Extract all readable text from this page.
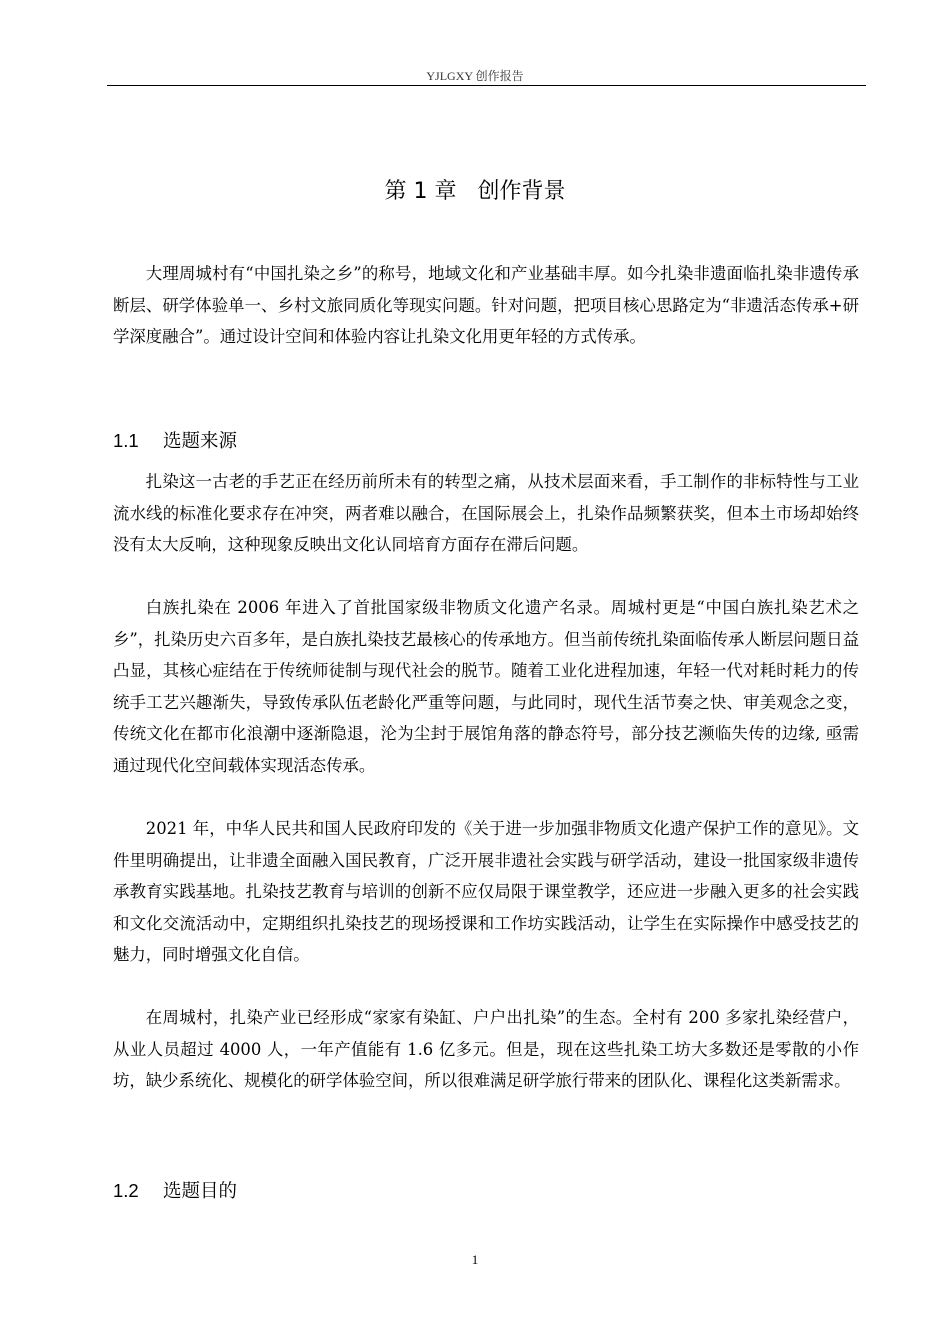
YJLGXY 创作报告
第 1 章   创作背景

大理周城村有“中国扎染之乡”的称号，地域文化和产业基础丰厚。如今扎染非遗面临扎染非遗传承断层、研学体验单一、乡村文旅同质化等现实问题。针对问题，把项目核心思路定为“非遗活态传承+研学深度融合”。通过设计空间和体验内容让扎染文化用更年轻的方式传承。

1.1 选题来源

扎染这一古老的手艺正在经历前所未有的转型之痛，从技术层面来看，手工制作的非标特性与工业流水线的标准化要求存在冲突，两者难以融合，在国际展会上，扎染作品频繁获奖，但本土市场却始终没有太大反响，这种现象反映出文化认同培育方面存在滞后问题。

白族扎染在 2006 年进入了首批国家级非物质文化遗产名录。周城村更是“中国白族扎染艺术之乡”，扎染历史六百多年，是白族扎染技艺最核心的传承地方。但当前传统扎染面临传承人断层问题日益凸显，其核心症结在于传统师徒制与现代社会的脱节。随着工业化进程加速，年轻一代对耗时耗力的传统手工艺兴趣渐失，导致传承队伍老龄化严重等问题，与此同时，现代生活节奏之快、审美观念之变，传统文化在都市化浪潮中逐渐隐退，沦为尘封于展馆角落的静态符号，部分技艺濒临失传的边缘, 亟需通过现代化空间载体实现活态传承。

2021 年，中华人民共和国人民政府印发的《关于进一步加强非物质文化遗产保护工作的意见》。文件里明确提出，让非遗全面融入国民教育，广泛开展非遗社会实践与研学活动，建设一批国家级非遗传承教育实践基地。扎染技艺教育与培训的创新不应仅局限于课堂教学，还应进一步融入更多的社会实践和文化交流活动中，定期组织扎染技艺的现场授课和工作坊实践活动，让学生在实际操作中感受技艺的魅力，同时增强文化自信。

在周城村，扎染产业已经形成“家家有染缸、户户出扎染”的生态。全村有 200 多家扎染经营户，从业人员超过 4000 人，一年产值能有 1.6 亿多元。但是，现在这些扎染工坊大多数还是零散的小作坊，缺少系统化、规模化的研学体验空间，所以很难满足研学旅行带来的团队化、课程化这类新需求。

1.2 选题目的
1
